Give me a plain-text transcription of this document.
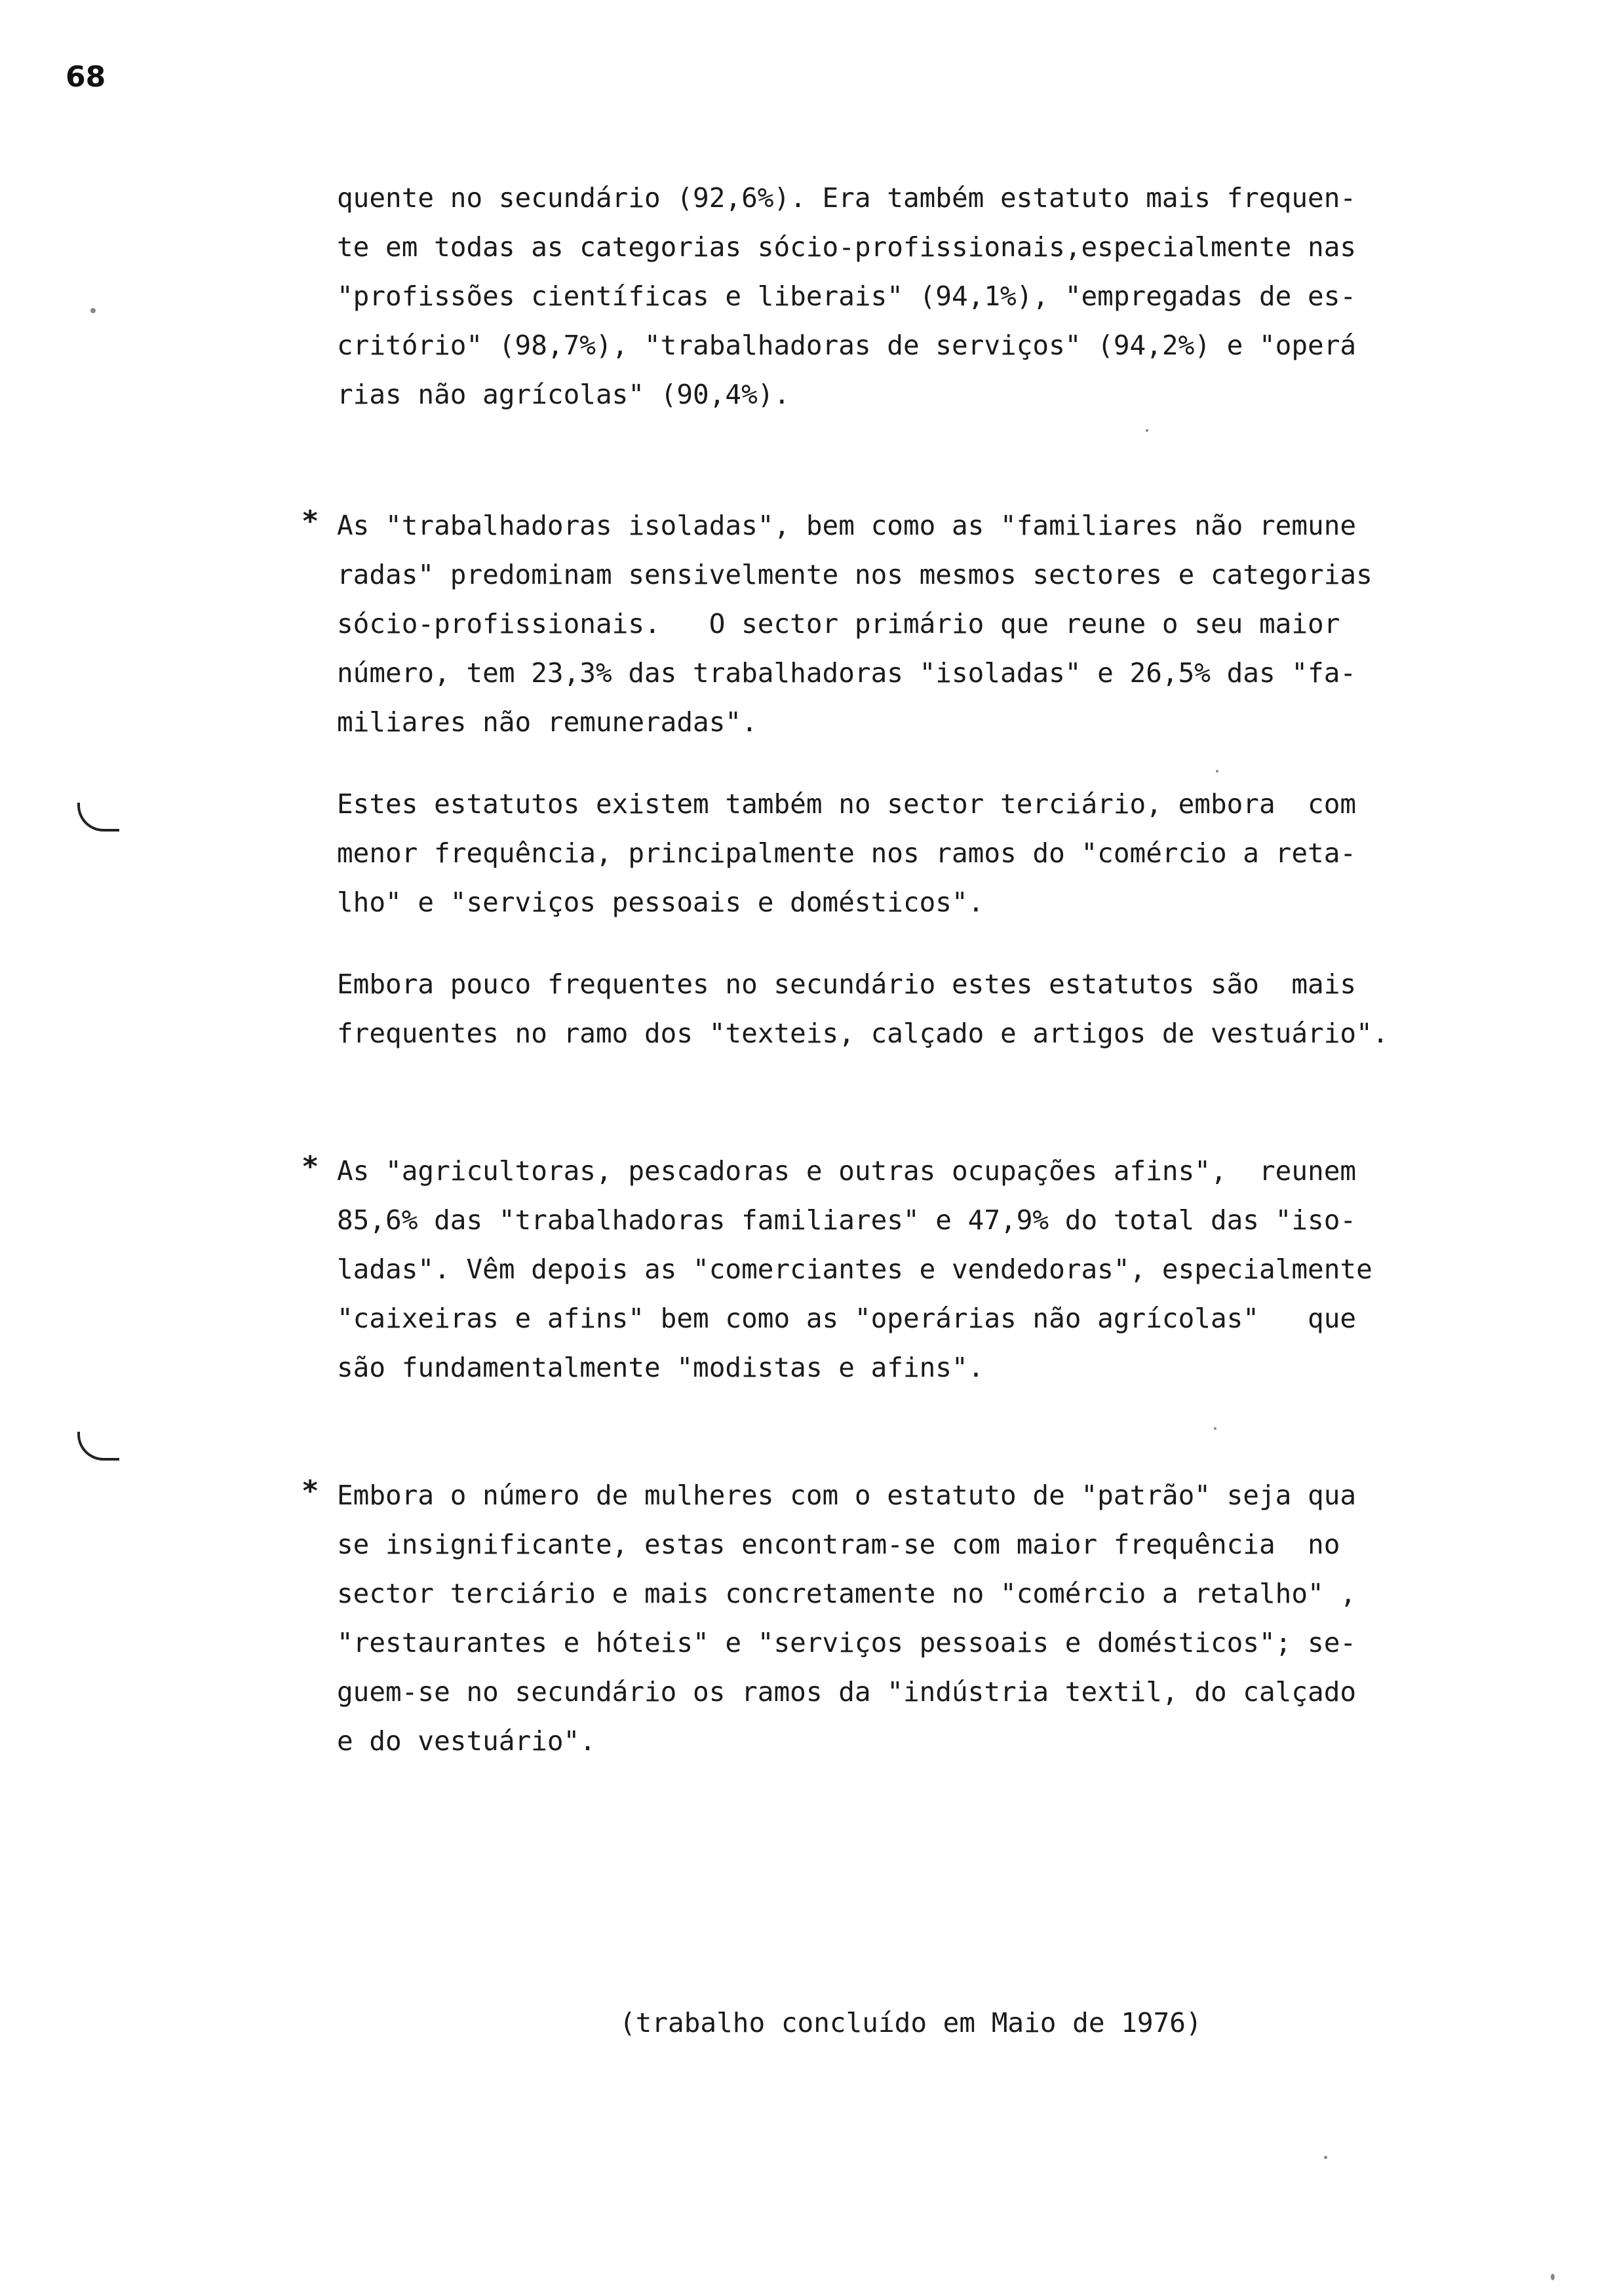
68
quente no secundário (92,6%). Era também estatuto mais frequen-
te em todas as categorias sócio-profissionais,especialmente nas
"profissões científicas e liberais" (94,1%), "empregadas de es-
critório" (98,7%), "trabalhadoras de serviços" (94,2%) e "operá
rias não agrícolas" (90,4%).
* As "trabalhadoras isoladas", bem como as "familiares não remune
radas" predominam sensivelmente nos mesmos sectores e categorias
sócio-profissionais.   O sector primário que reune o seu maior
número, tem 23,3% das trabalhadoras "isoladas" e 26,5% das "fa-
miliares não remuneradas".
Estes estatutos existem também no sector terciário, embora  com
menor frequência, principalmente nos ramos do "comércio a reta-
lho" e "serviços pessoais e domésticos".
Embora pouco frequentes no secundário estes estatutos são  mais
frequentes no ramo dos "texteis, calçado e artigos de vestuário".
* As "agricultoras, pescadoras e outras ocupações afins",  reunem
85,6% das "trabalhadoras familiares" e 47,9% do total das "iso-
ladas". Vêm depois as "comerciantes e vendedoras", especialmente
"caixeiras e afins" bem como as "operárias não agrícolas"   que
são fundamentalmente "modistas e afins".
* Embora o número de mulheres com o estatuto de "patrão" seja qua
se insignificante, estas encontram-se com maior frequência  no
sector terciário e mais concretamente no "comércio a retalho" ,
"restaurantes e hóteis" e "serviços pessoais e domésticos"; se-
guem-se no secundário os ramos da "indústria textil, do calçado
e do vestuário".
(trabalho concluído em Maio de 1976)
